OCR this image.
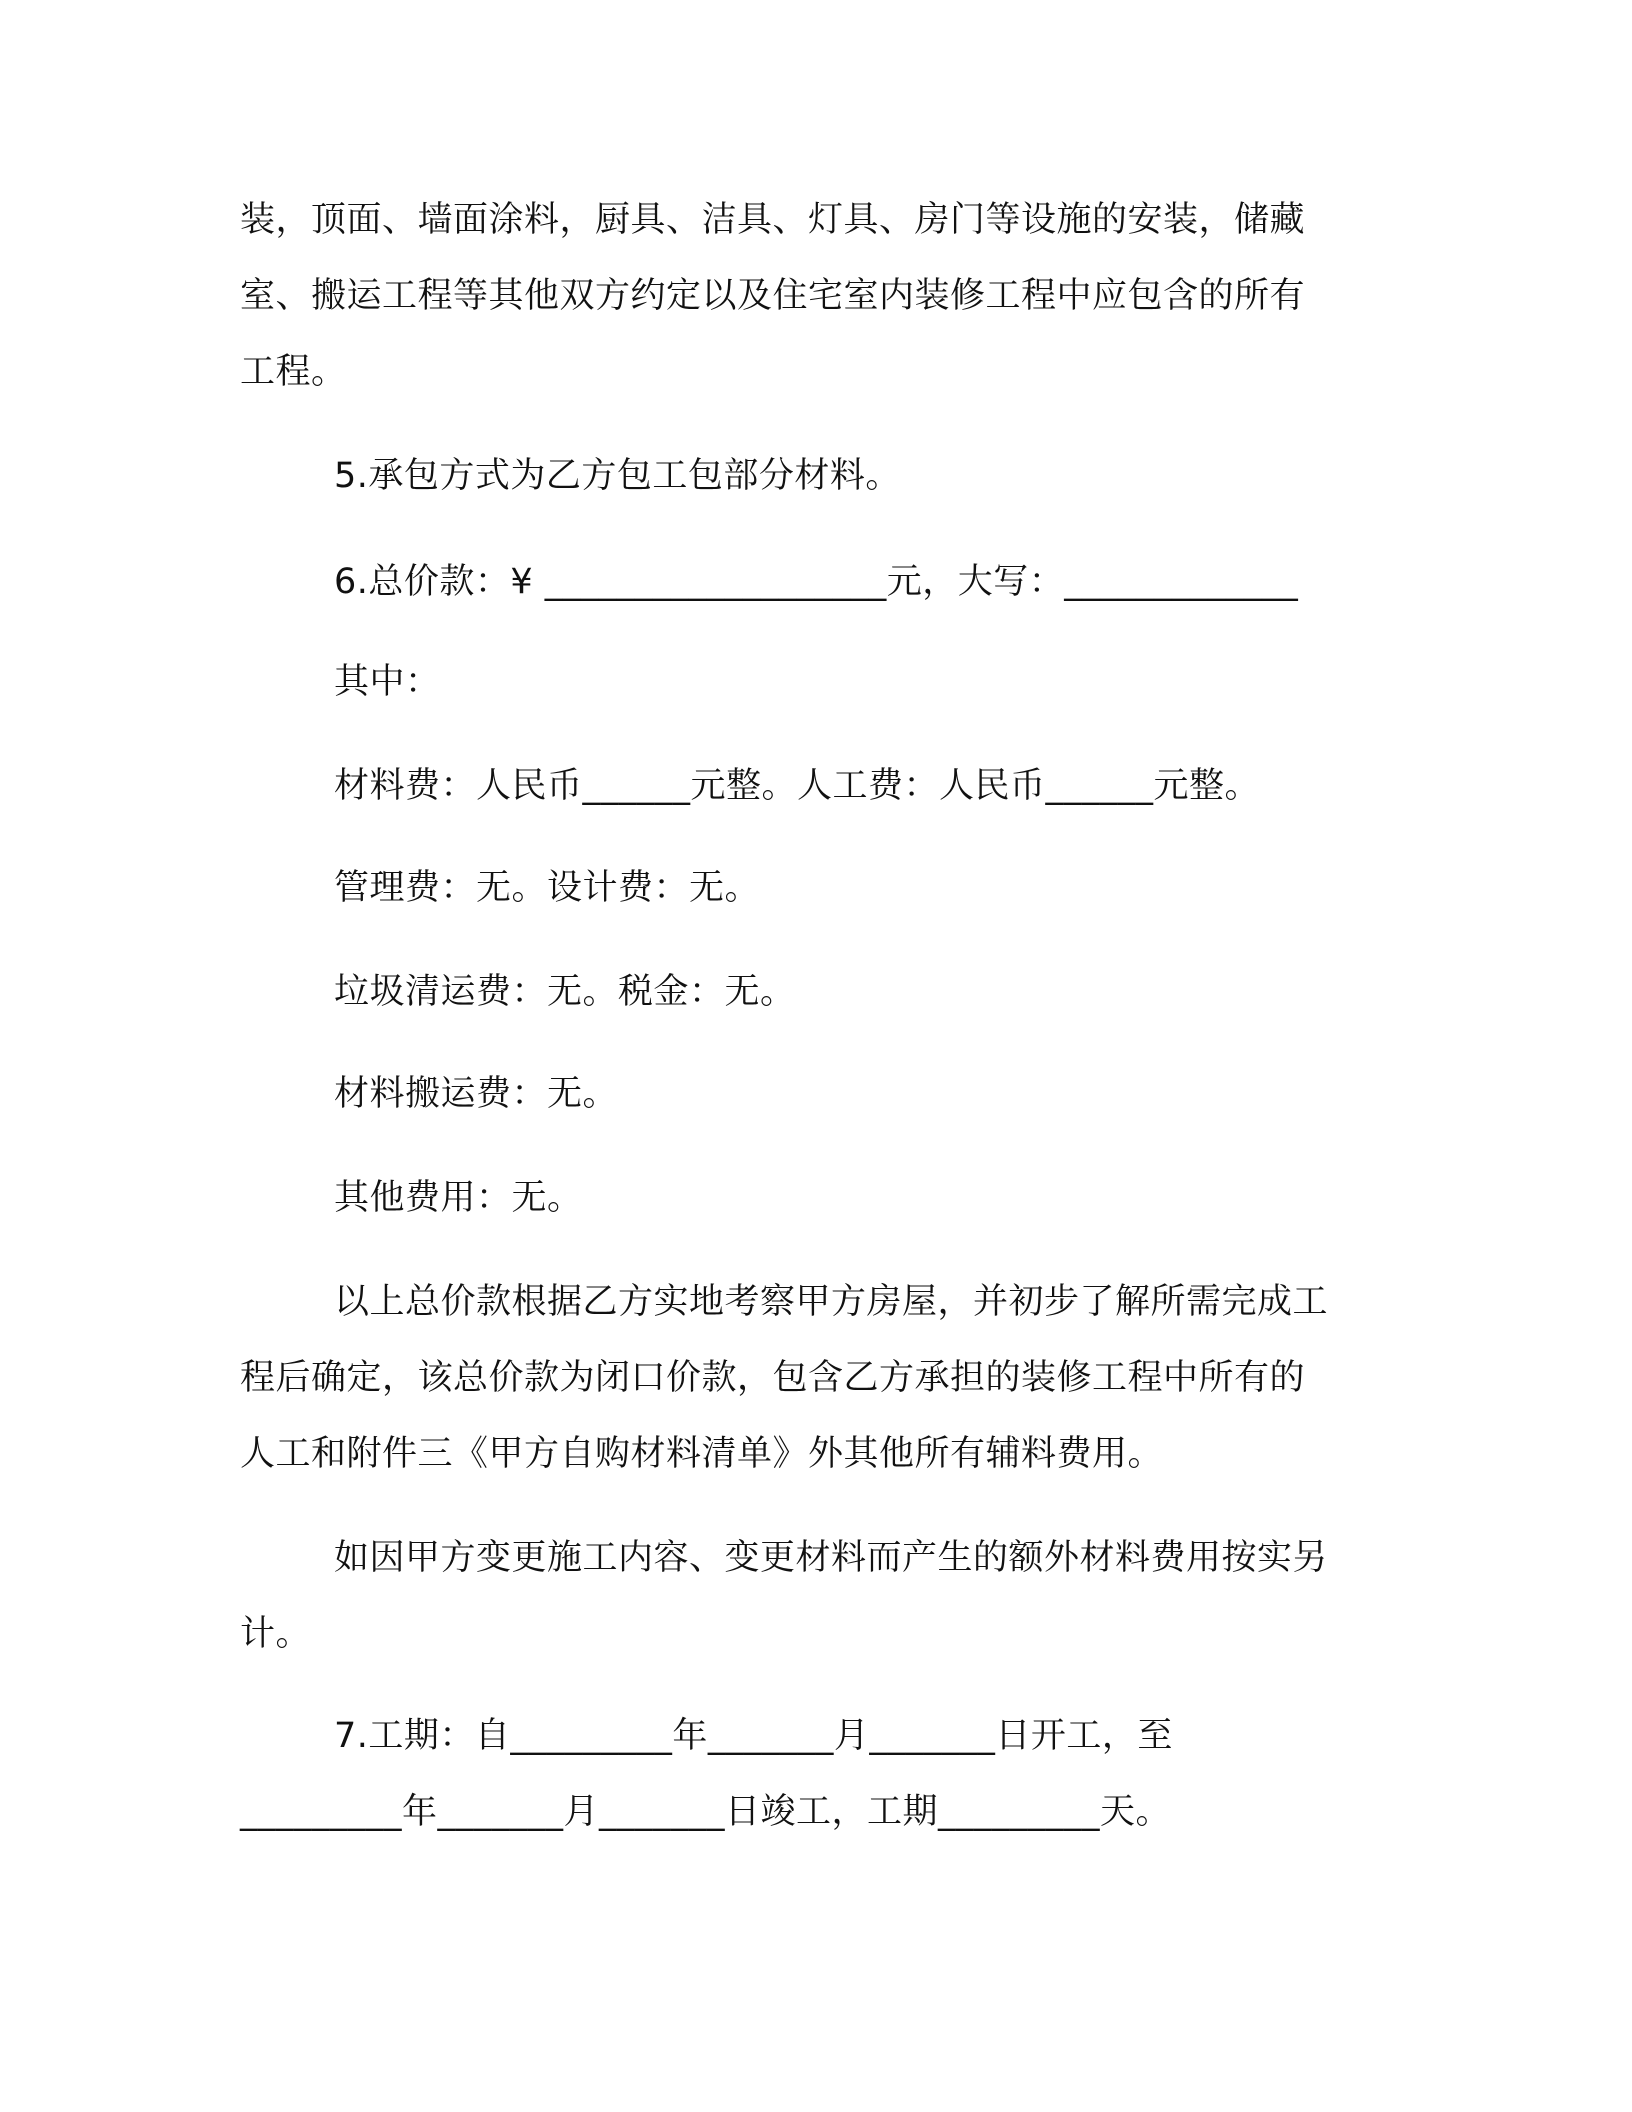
装，顶面、墙面涂料，厨具、洁具、灯具、房门等设施的安装，储藏
室、搬运工程等其他双方约定以及住宅室内装修工程中应包含的所有
工程。
5.承包方式为乙方包工包部分材料。
6.总价款：¥ ___________________元，大写：_____________
其中：
材料费：人民币______元整。人工费：人民币______元整。
管理费：无。设计费：无。
垃圾清运费：无。税金：无。
材料搬运费：无。
其他费用：无。
以上总价款根据乙方实地考察甲方房屋，并初步了解所需完成工
程后确定，该总价款为闭口价款，包含乙方承担的装修工程中所有的
人工和附件三《甲方自购材料清单》外其他所有辅料费用。
如因甲方变更施工内容、变更材料而产生的额外材料费用按实另
计。
7.工期：自_________年_______月_______日开工，至
_________年_______月_______日竣工，工期_________天。
